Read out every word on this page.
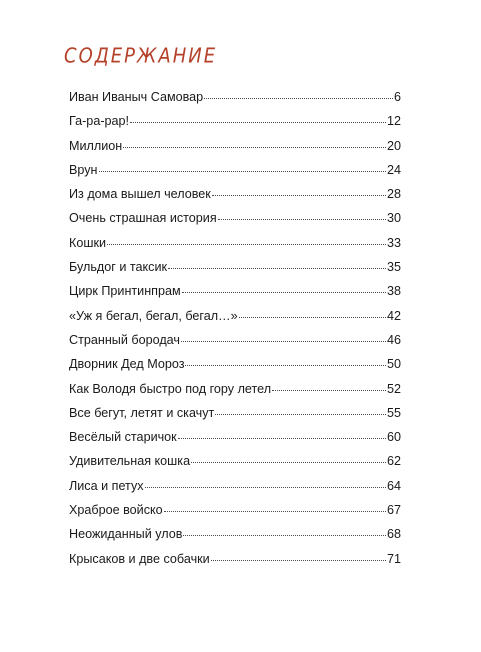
СОДЕРЖАНИЕ
Иван Иваныч Самовар	6
Га-ра-рар!	12
Миллион	20
Врун	24
Из дома вышел человек	28
Очень страшная история	30
Кошки	33
Бульдог и таксик	35
Цирк Принтинпрам	38
«Уж я бегал, бегал, бегал…»	42
Странный бородач	46
Дворник Дед Мороз	50
Как Володя быстро под гору летел	52
Все бегут, летят и скачут	55
Весёлый старичок	60
Удивительная кошка	62
Лиса и петух	64
Храброе войско	67
Неожиданный улов	68
Крысаков и две собачки	71
